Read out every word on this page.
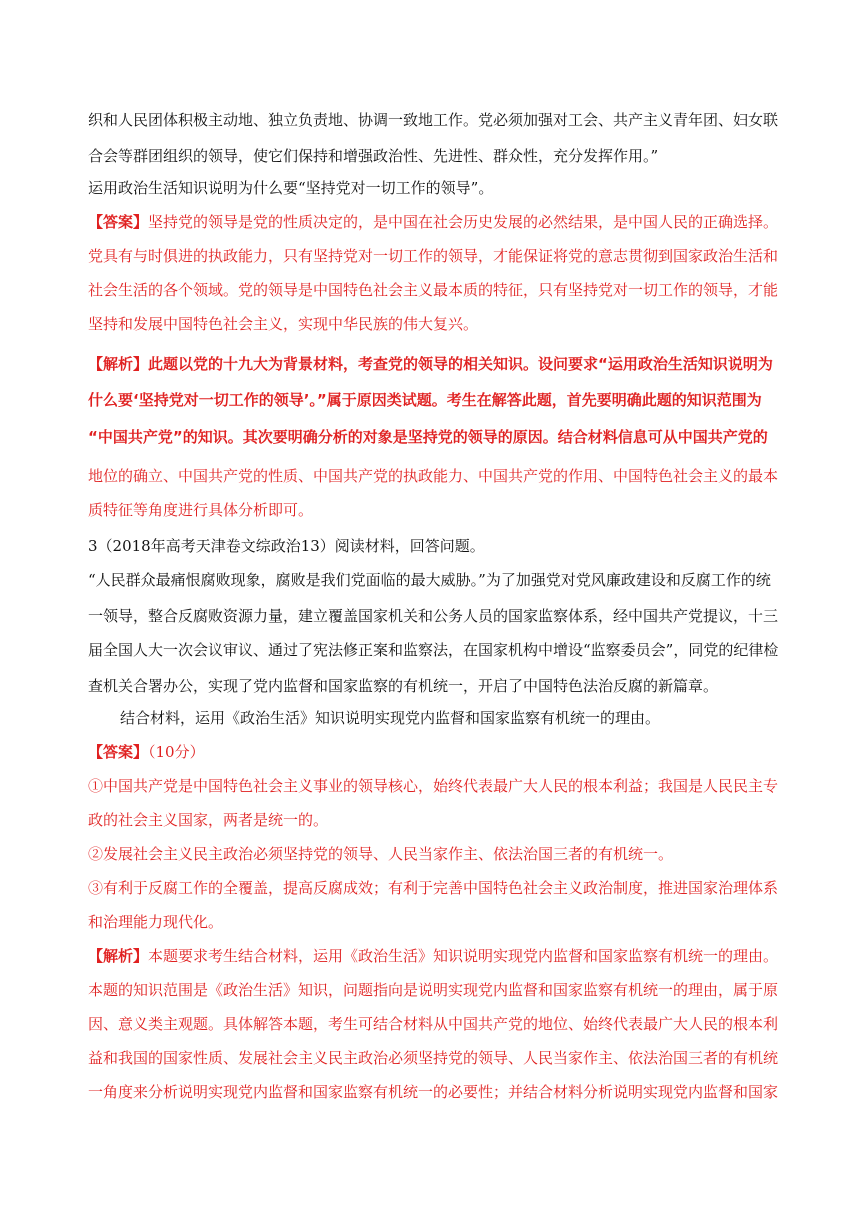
织和人民团体积极主动地、独立负责地、协调一致地工作。党必须加强对工会、共产主义青年团、妇女联
合会等群团组织的领导，使它们保持和增强政治性、先进性、群众性，充分发挥作用。”
运用政治生活知识说明为什么要“坚持党对一切工作的领导”。
【答案】坚持党的领导是党的性质决定的，是中国在社会历史发展的必然结果，是中国人民的正确选择。
党具有与时俱进的执政能力，只有坚持党对一切工作的领导，才能保证将党的意志贯彻到国家政治生活和
社会生活的各个领域。党的领导是中国特色社会主义最本质的特征，只有坚持党对一切工作的领导，才能
坚持和发展中国特色社会主义，实现中华民族的伟大复兴。
【解析】此题以党的十九大为背景材料，考查党的领导的相关知识。设问要求“运用政治生活知识说明为
什么要‘坚持党对一切工作的领导’。”属于原因类试题。考生在解答此题，首先要明确此题的知识范围为
“中国共产党”的知识。其次要明确分析的对象是坚持党的领导的原因。结合材料信息可从中国共产党的
地位的确立、中国共产党的性质、中国共产党的执政能力、中国共产党的作用、中国特色社会主义的最本
质特征等角度进行具体分析即可。
3（2018年高考天津卷文综政治13）阅读材料，回答问题。
“人民群众最痛恨腐败现象，腐败是我们党面临的最大威胁。”为了加强党对党风廉政建设和反腐工作的统
一领导，整合反腐败资源力量，建立覆盖国家机关和公务人员的国家监察体系，经中国共产党提议，十三
届全国人大一次会议审议、通过了宪法修正案和监察法，在国家机构中增设“监察委员会”，同党的纪律检
查机关合署办公，实现了党内监督和国家监察的有机统一，开启了中国特色法治反腐的新篇章。
结合材料，运用《政治生活》知识说明实现党内监督和国家监察有机统一的理由。
【答案】（10分）
①中国共产党是中国特色社会主义事业的领导核心，始终代表最广大人民的根本利益；我国是人民民主专
政的社会主义国家，两者是统一的。
②发展社会主义民主政治必须坚持党的领导、人民当家作主、依法治国三者的有机统一。
③有利于反腐工作的全覆盖，提高反腐成效；有利于完善中国特色社会主义政治制度，推进国家治理体系
和治理能力现代化。
【解析】本题要求考生结合材料，运用《政治生活》知识说明实现党内监督和国家监察有机统一的理由。
本题的知识范围是《政治生活》知识，问题指向是说明实现党内监督和国家监察有机统一的理由，属于原
因、意义类主观题。具体解答本题，考生可结合材料从中国共产党的地位、始终代表最广大人民的根本利
益和我国的国家性质、发展社会主义民主政治必须坚持党的领导、人民当家作主、依法治国三者的有机统
一角度来分析说明实现党内监督和国家监察有机统一的必要性；并结合材料分析说明实现党内监督和国家
